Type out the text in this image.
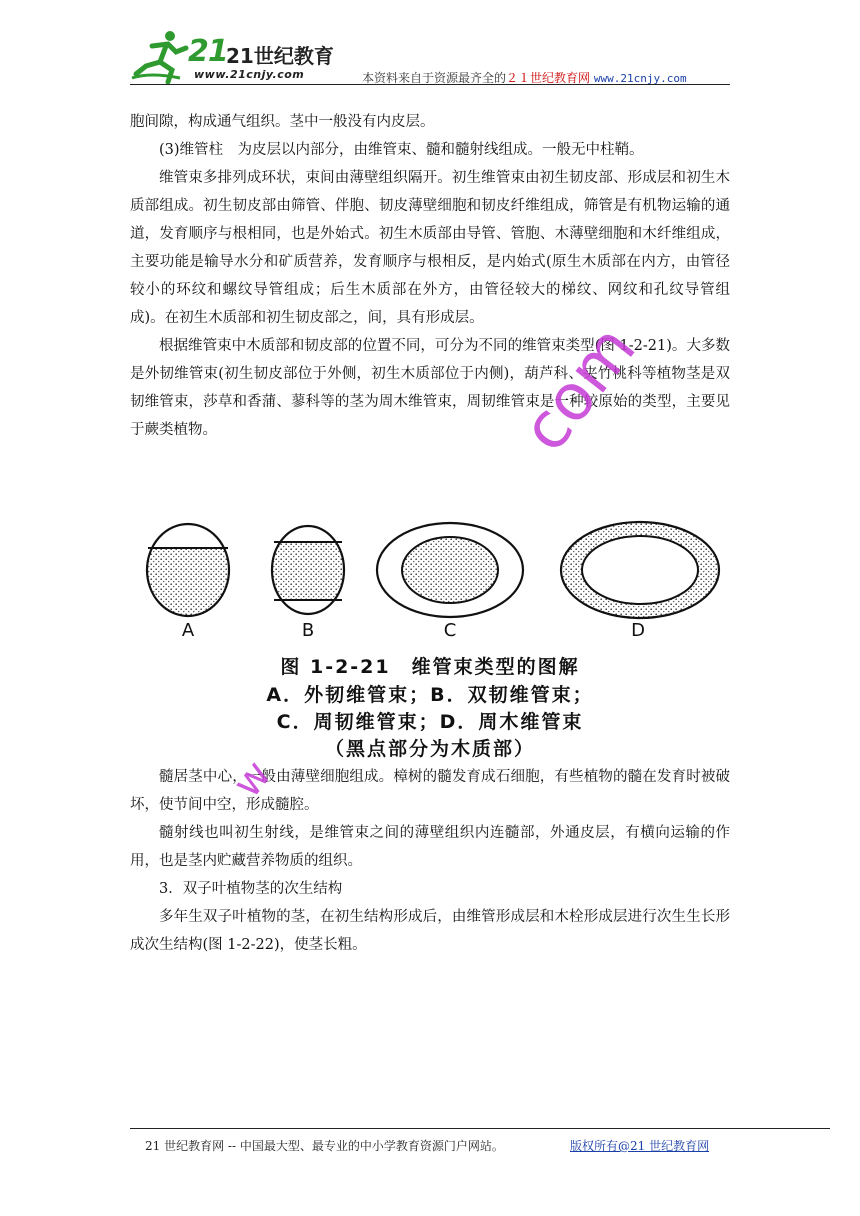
21
21世纪教育
www.21cnjy.com	本资料来自于资源最齐全的２１世纪教育网 www.21cnjy.com

胞间隙，构成通气组织。茎中一般没有内皮层。

(3)维管柱　为皮层以内部分，由维管束、髓和髓射线组成。一般无中柱鞘。

维管束多排列成环状，束间由薄壁组织隔开。初生维管束由初生韧皮部、形成层和初生木质部组成。初生韧皮部由筛管、伴胞、韧皮薄壁细胞和韧皮纤维组成，筛管是有机物运输的通道，发育顺序与根相同，也是外始式。初生木质部由导管、管胞、木薄壁细胞和木纤维组成，主要功能是输导水分和矿质营养，发育顺序与根相反，是内始式(原生木质部在内方，由管径较小的环纹和螺纹导管组成；后生木质部在外方，由管径较大的梯纹、网纹和孔纹导管组成)。在初生木质部和初生韧皮部之，间，具有形成层。

根据维管束中木质部和韧皮部的位置不同，可分为不同的维管束类型(图 1-2-21)。大多数是外韧维管束(初生韧皮部位于外侧，初生木质部位于内侧)，葫芦科、夹竹桃科等植物茎是双韧维管束，莎草和香蒲、蓼科等的茎为周木维管束，周韧维管束是一种较原始的类型，主要见于蕨类植物。

A	B	C	D
图 1-2-21　维管束类型的图解
A．外韧维管束；B．双韧维管束；
C．周韧维管束；D．周木维管束
（黑点部分为木质部）

髓居茎中心，一般由薄壁细胞组成。樟树的髓发育成石细胞，有些植物的髓在发育时被破坏，使节间中空，形成髓腔。

髓射线也叫初生射线，是维管束之间的薄壁组织内连髓部，外通皮层，有横向运输的作用，也是茎内贮藏营养物质的组织。

3．双子叶植物茎的次生结构

多年生双子叶植物的茎，在初生结构形成后，由维管形成层和木栓形成层进行次生生长形成次生结构(图 1-2-22)，使茎长粗。

com
w
21 世纪教育网 -- 中国最大型、最专业的中小学教育资源门户网站。	版权所有@21 世纪教育网
